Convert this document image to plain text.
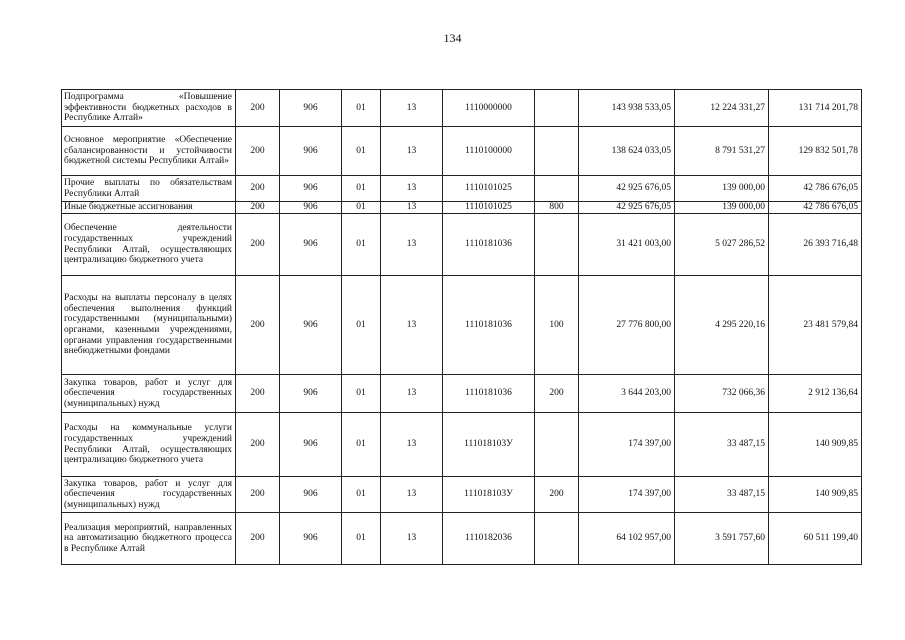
134
Подпрограмма «Повышение эффективности бюджетных расходов в Республике Алтай»	200	906	01	13	1110000000		143 938 533,05	12 224 331,27	131 714 201,78
Основное мероприятие «Обеспечение сбалансированности и устойчивости бюджетной системы Республики Алтай»	200	906	01	13	1110100000		138 624 033,05	8 791 531,27	129 832 501,78
Прочие выплаты по обязательствам Республики Алтай	200	906	01	13	1110101025		42 925 676,05	139 000,00	42 786 676,05
Иные бюджетные ассигнования	200	906	01	13	1110101025	800	42 925 676,05	139 000,00	42 786 676,05
Обеспечение деятельности государственных учреждений Республики Алтай, осуществляющих централизацию бюджетного учета	200	906	01	13	1110181036		31 421 003,00	5 027 286,52	26 393 716,48
Расходы на выплаты персоналу в целях обеспечения выполнения функций государственными (муниципальными) органами, казенными учреждениями, органами управления государственными внебюджетными фондами	200	906	01	13	1110181036	100	27 776 800,00	4 295 220,16	23 481 579,84
Закупка товаров, работ и услуг для обеспечения государственных (муниципальных) нужд	200	906	01	13	1110181036	200	3 644 203,00	732 066,36	2 912 136,64
Расходы на коммунальные услуги государственных учреждений Республики Алтай, осуществляющих централизацию бюджетного учета	200	906	01	13	111018103У		174 397,00	33 487,15	140 909,85
Закупка товаров, работ и услуг для обеспечения государственных (муниципальных) нужд	200	906	01	13	111018103У	200	174 397,00	33 487,15	140 909,85
Реализация мероприятий, направленных на автоматизацию бюджетного процесса в Республике Алтай	200	906	01	13	1110182036		64 102 957,00	3 591 757,60	60 511 199,40
